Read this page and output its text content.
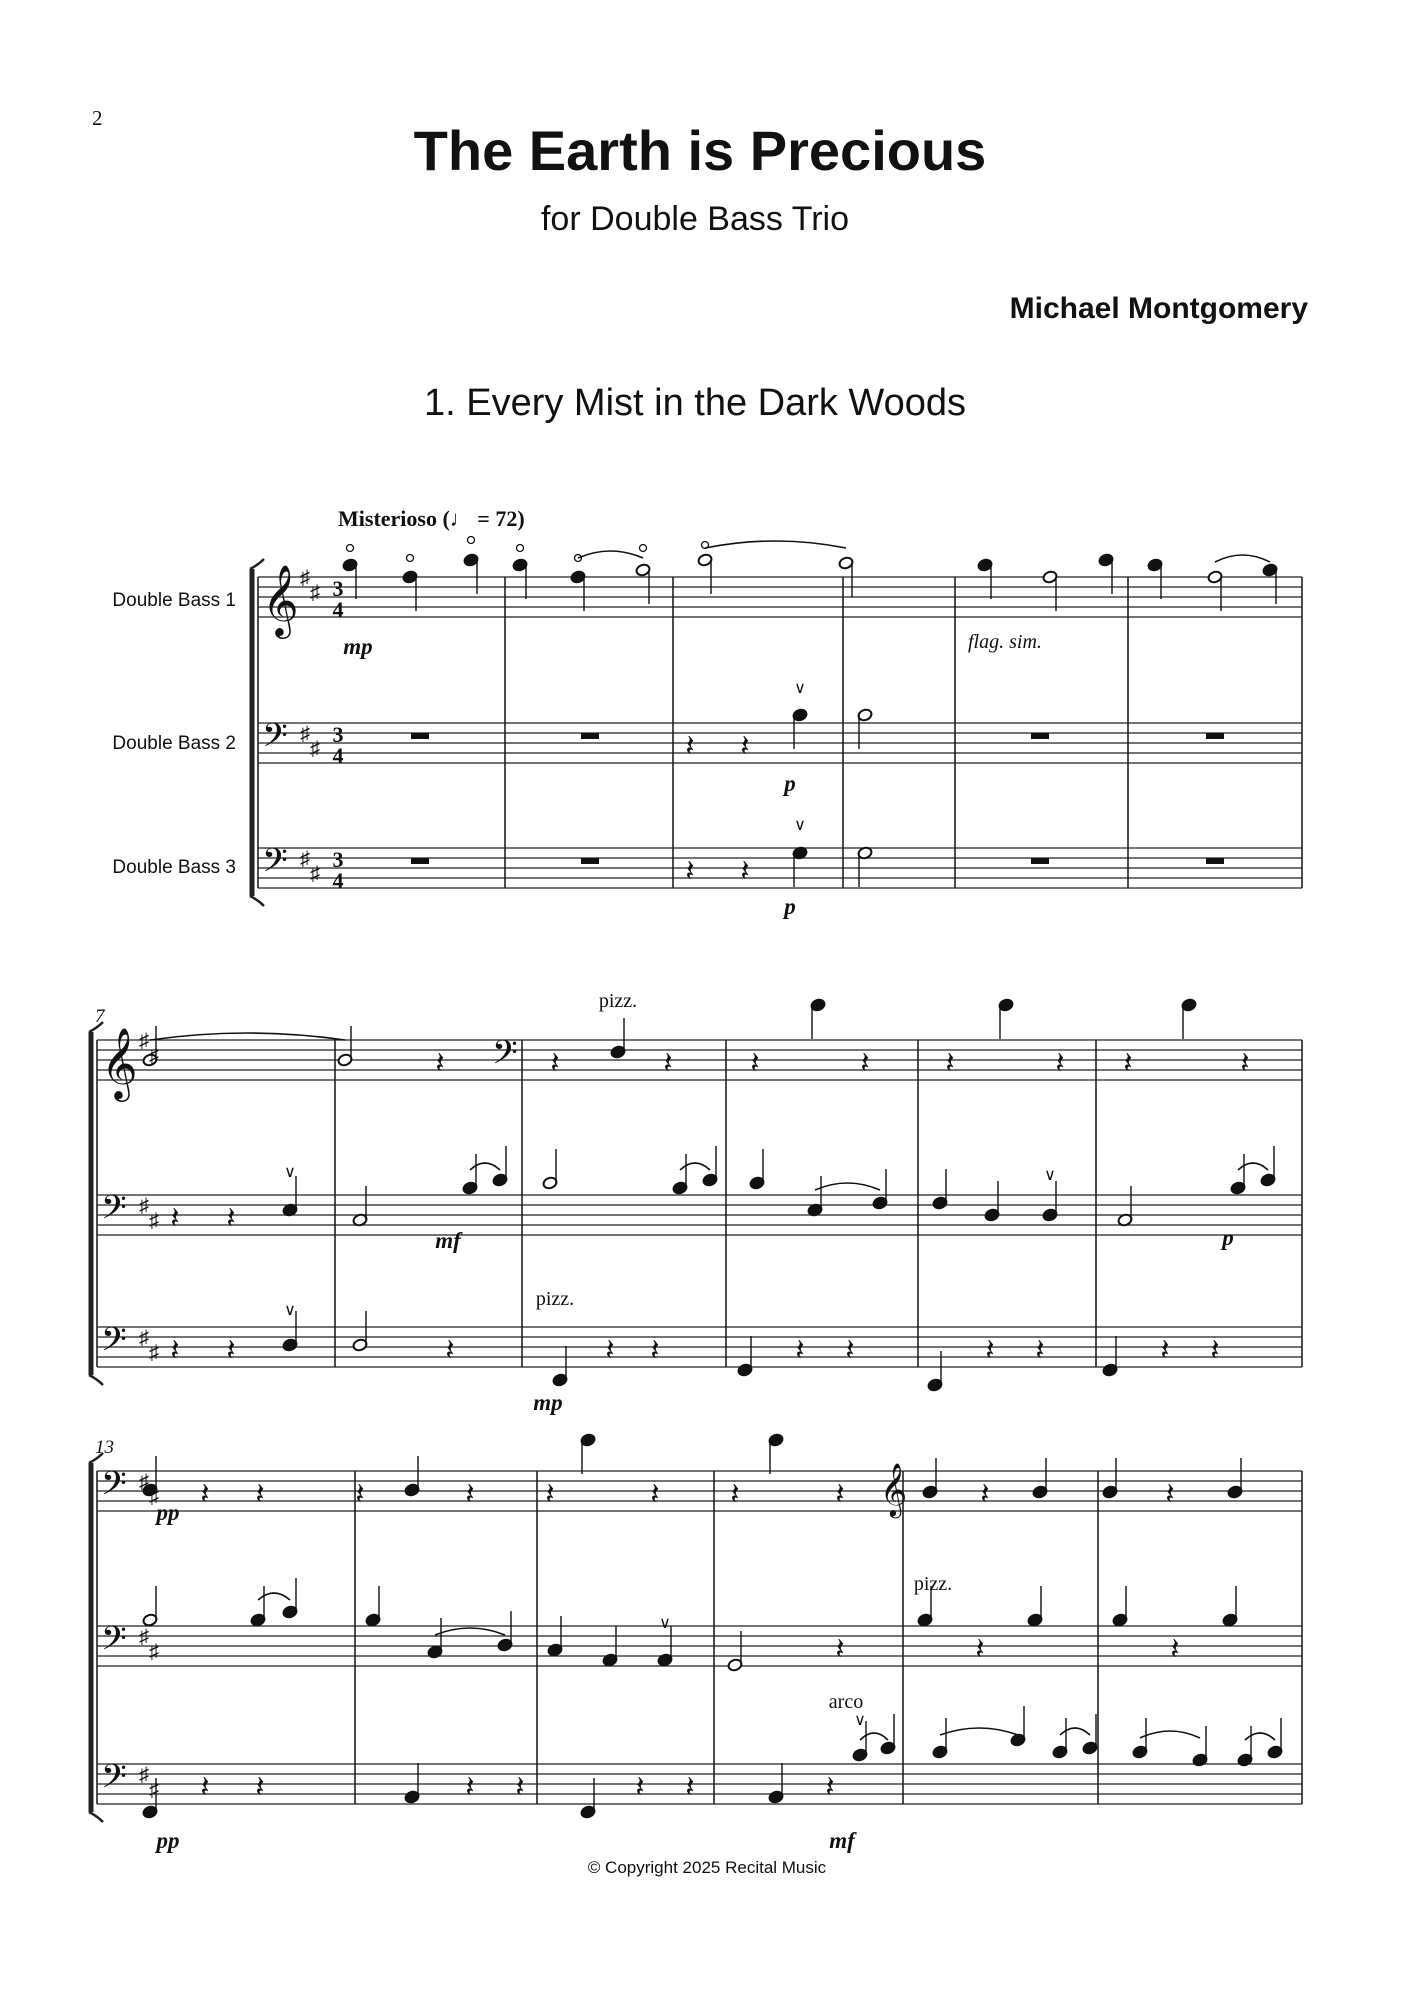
2
The Earth is Precious
for Double Bass Trio
Michael Montgomery
1. Every Mist in the Dark Woods
Misterioso (♩ = 72)
Double Bass 1
Double Bass 2
Double Bass 3
𝄞 ♯
♯ 3
4
𝄢 ♯
♯
3
4
𝄢 ♯
♯
3
4
𝄞 ♯
♯
𝄢 ♯
♯
𝄢 ♯
♯
7
𝄢 ♯
♯
𝄢 ♯
♯
𝄢 ♯
♯
13
mp	flag. sim.
𝄽 𝄽
∨
𝄽 𝄽
∨
p
p
𝄽 𝄢 𝄽	𝄽	𝄽	𝄽	𝄽	𝄽 𝄽	𝄽
pizz.
𝄽 𝄽
∨	∨
mf	p
𝄽 𝄽
∨
𝄽	𝄽 𝄽	𝄽 𝄽	𝄽 𝄽	𝄽 𝄽
pizz.
mp
𝄽 𝄽	𝄽	𝄽 𝄽	𝄽 𝄽	𝄽 𝄞 𝄽	𝄽
pp
∨
𝄽	𝄽	𝄽
pizz.
𝄽 𝄽	𝄽 𝄽	𝄽 𝄽	𝄽
∨
arco
pp	mf
© Copyright 2025 Recital Music
